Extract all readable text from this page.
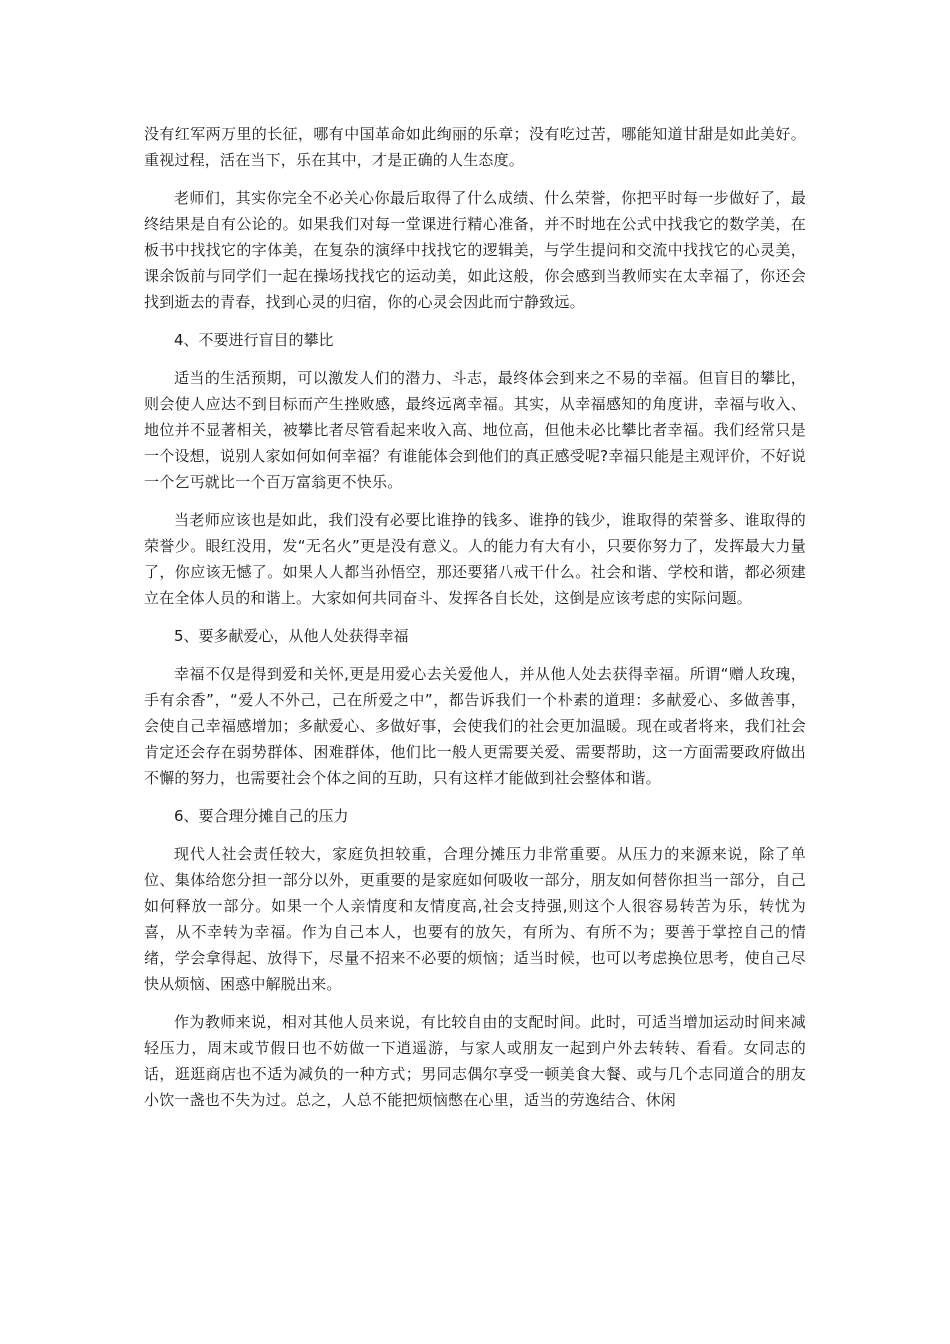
没有红军两万里的长征，哪有中国革命如此绚丽的乐章；没有吃过苦，哪能知道甘甜是如此美好。重视过程，活在当下，乐在其中，才是正确的人生态度。

老师们，其实你完全不必关心你最后取得了什么成绩、什么荣誉，你把平时每一步做好了，最终结果是自有公论的。如果我们对每一堂课进行精心准备，并不时地在公式中找我它的数学美，在板书中找找它的字体美，在复杂的演绎中找找它的逻辑美，与学生提问和交流中找找它的心灵美，课余饭前与同学们一起在操场找找它的运动美，如此这般，你会感到当教师实在太幸福了，你还会找到逝去的青春，找到心灵的归宿，你的心灵会因此而宁静致远。

4、不要进行盲目的攀比

适当的生活预期，可以激发人们的潜力、斗志，最终体会到来之不易的幸福。但盲目的攀比，则会使人应达不到目标而产生挫败感，最终远离幸福。其实，从幸福感知的角度讲，幸福与收入、地位并不显著相关，被攀比者尽管看起来收入高、地位高，但他未必比攀比者幸福。我们经常只是一个设想，说别人家如何如何幸福？有谁能体会到他们的真正感受呢?幸福只能是主观评价，不好说一个乞丐就比一个百万富翁更不快乐。

当老师应该也是如此，我们没有必要比谁挣的钱多、谁挣的钱少，谁取得的荣誉多、谁取得的荣誉少。眼红没用，发“无名火”更是没有意义。人的能力有大有小，只要你努力了，发挥最大力量了，你应该无憾了。如果人人都当孙悟空，那还要猪八戒干什么。社会和谐、学校和谐，都必须建立在全体人员的和谐上。大家如何共同奋斗、发挥各自长处，这倒是应该考虑的实际问题。

5、要多献爱心，从他人处获得幸福

幸福不仅是得到爱和关怀,更是用爱心去关爱他人，并从他人处去获得幸福。所谓“赠人玫瑰，手有余香”，“爱人不外己，己在所爱之中”，都告诉我们一个朴素的道理：多献爱心、多做善事，会使自己幸福感增加；多献爱心、多做好事，会使我们的社会更加温暖。现在或者将来，我们社会肯定还会存在弱势群体、困难群体，他们比一般人更需要关爱、需要帮助，这一方面需要政府做出不懈的努力，也需要社会个体之间的互助，只有这样才能做到社会整体和谐。

6、要合理分摊自己的压力

现代人社会责任较大，家庭负担较重，合理分摊压力非常重要。从压力的来源来说，除了单位、集体给您分担一部分以外，更重要的是家庭如何吸收一部分，朋友如何替你担当一部分，自己如何释放一部分。如果一个人亲情度和友情度高,社会支持强,则这个人很容易转苦为乐，转忧为喜，从不幸转为幸福。作为自己本人，也要有的放矢，有所为、有所不为；要善于掌控自己的情绪，学会拿得起、放得下，尽量不招来不必要的烦恼；适当时候，也可以考虑换位思考，使自己尽快从烦恼、困惑中解脱出来。

作为教师来说，相对其他人员来说，有比较自由的支配时间。此时，可适当增加运动时间来减轻压力，周末或节假日也不妨做一下逍遥游，与家人或朋友一起到户外去转转、看看。女同志的话，逛逛商店也不适为减负的一种方式；男同志偶尔享受一顿美食大餐、或与几个志同道合的朋友小饮一盏也不失为过。总之，人总不能把烦恼憋在心里，适当的劳逸结合、休闲
